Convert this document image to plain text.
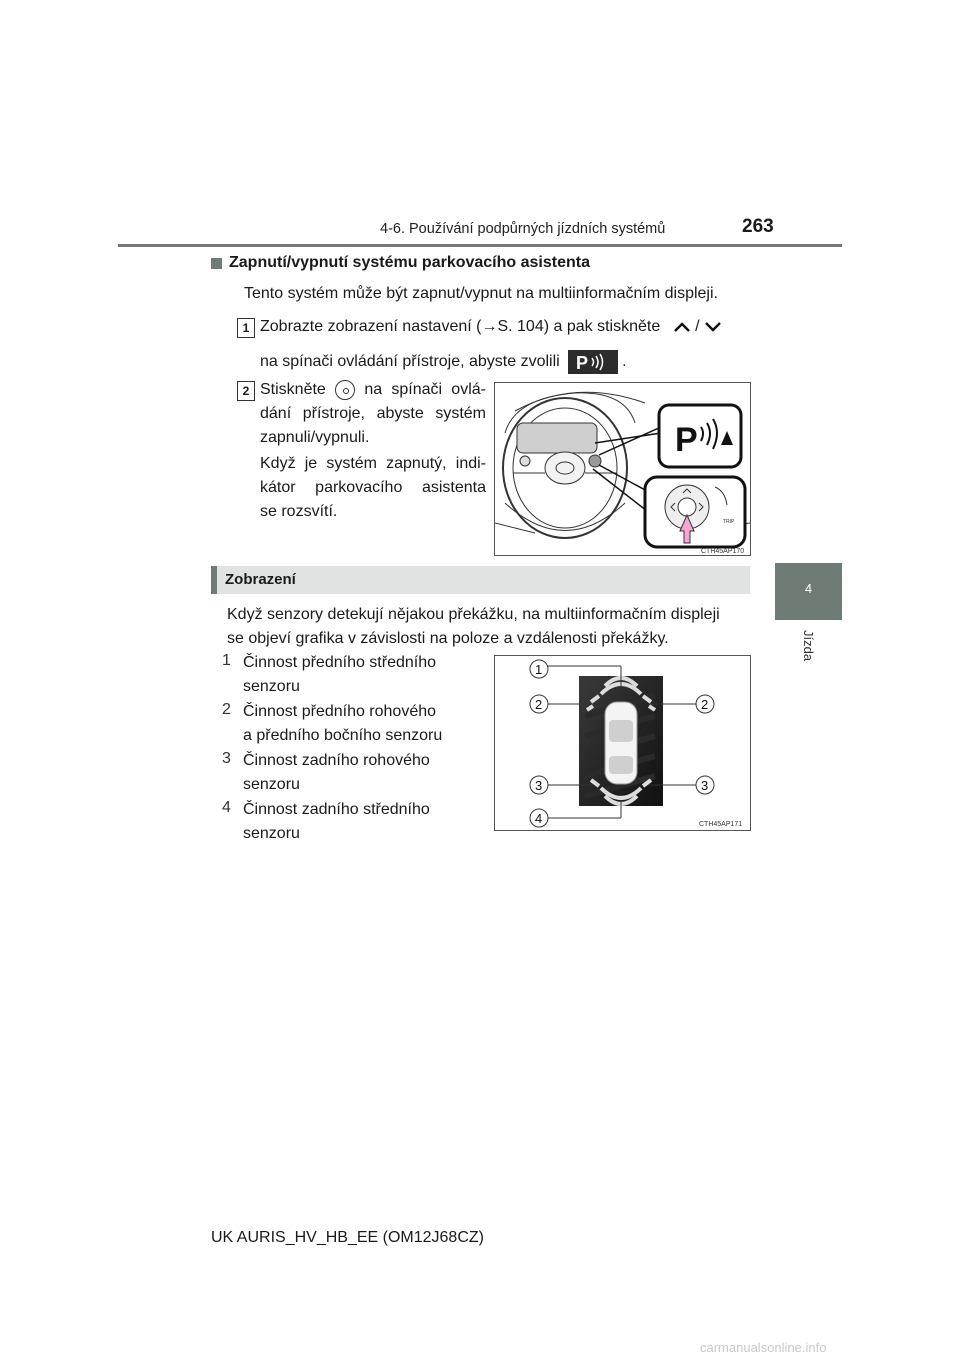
4-6. Používání podpůrných jízdních systémů	263
4
Jízda
Zapnutí/vypnutí systému parkovacího asistenta
Tento systém může být zapnut/vypnut na multiinformačním displeji.
1 Zobrazte zobrazení nastavení (→S. 104) a pak stiskněte /
na spínači ovládání přístroje, abyste zvolili P .
2 Stiskněte na spínači ovlá-
dání přístroje, abyste systém
zapnuli/vypnuli.
Když je systém zapnutý, indi-
kátor parkovacího asistenta
se rozsvítí.
P
TRIP
CTH45AP170
Zobrazení
Když senzory detekují nějakou překážku, na multiinformačním displeji
se objeví grafika v závislosti na poloze a vzdálenosti překážky.
1 Činnost předního středního
senzoru
2 Činnost předního rohového
a předního bočního senzoru
3 Činnost zadního rohového
senzoru
4 Činnost zadního středního
senzoru
1
2	2
3	3
4	CTH45AP171
UK AURIS_HV_HB_EE (OM12J68CZ)
carmanualsonline.info
